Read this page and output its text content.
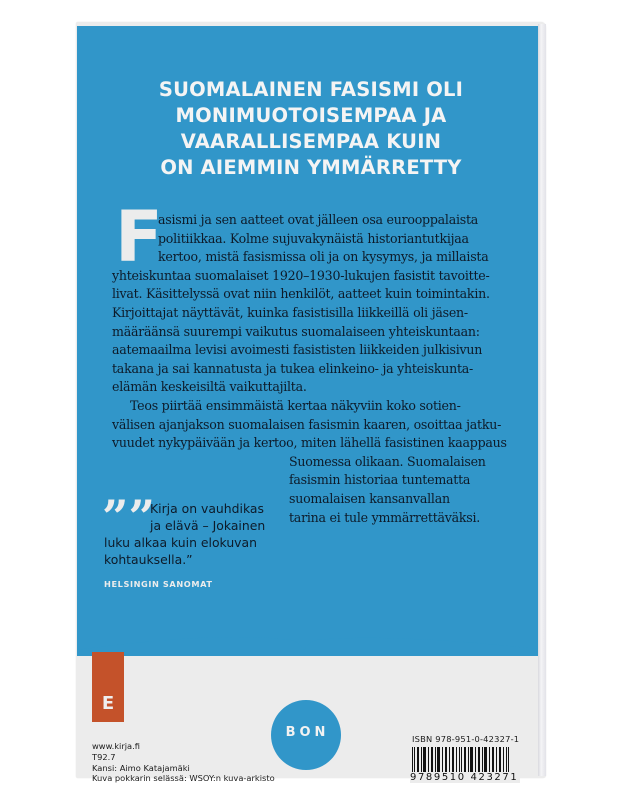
SUOMALAINEN FASISMI OLI
MONIMUOTOISEMPAA JA
VAARALLISEMPAA KUIN
ON AIEMMIN YMMÄRRETTY
F
asismi ja sen aatteet ovat jälleen osa eurooppalaista
politiikkaa. Kolme sujuvakynäistä historiantutkijaa
kertoo, mistä fasismissa oli ja on kysymys, ja millaista
yhteiskuntaa suomalaiset 1920–1930-lukujen fasistit tavoitte-
livat. Käsittelyssä ovat niin henkilöt, aatteet kuin toimintakin.
Kirjoittajat näyttävät, kuinka fasistisilla liikkeillä oli jäsen-
määräänsä suurempi vaikutus suomalaiseen yhteiskuntaan:
aatemaailma levisi avoimesti fasististen liikkeiden julkisivun
takana ja sai kannatusta ja tukea elinkeino- ja yhteiskunta-
elämän keskeisiltä vaikuttajilta.
Teos piirtää ensimmäistä kertaa näkyviin koko sotien-
välisen ajanjakson suomalaisen fasismin kaaren, osoittaa jatku-
vuudet nykypäivään ja kertoo, miten lähellä fasistinen kaappaus
Suomessa olikaan. Suomalaisen
fasismin historiaa tuntematta
suomalaisen kansanvallan
tarina ei tule ymmärrettäväksi.
””
Kirja on vauhdikas
ja elävä – Jokainen
luku alkaa kuin elokuvan
kohtauksella.”
HELSINGIN SANOMAT
E
www.kirja.fi
T92.7
Kansi: Aimo Katajamäki
Kuva pokkarin selässä: WSOY:n kuva-arkisto
BON	ISBN 978-951-0-42327-1
9789510 423271
